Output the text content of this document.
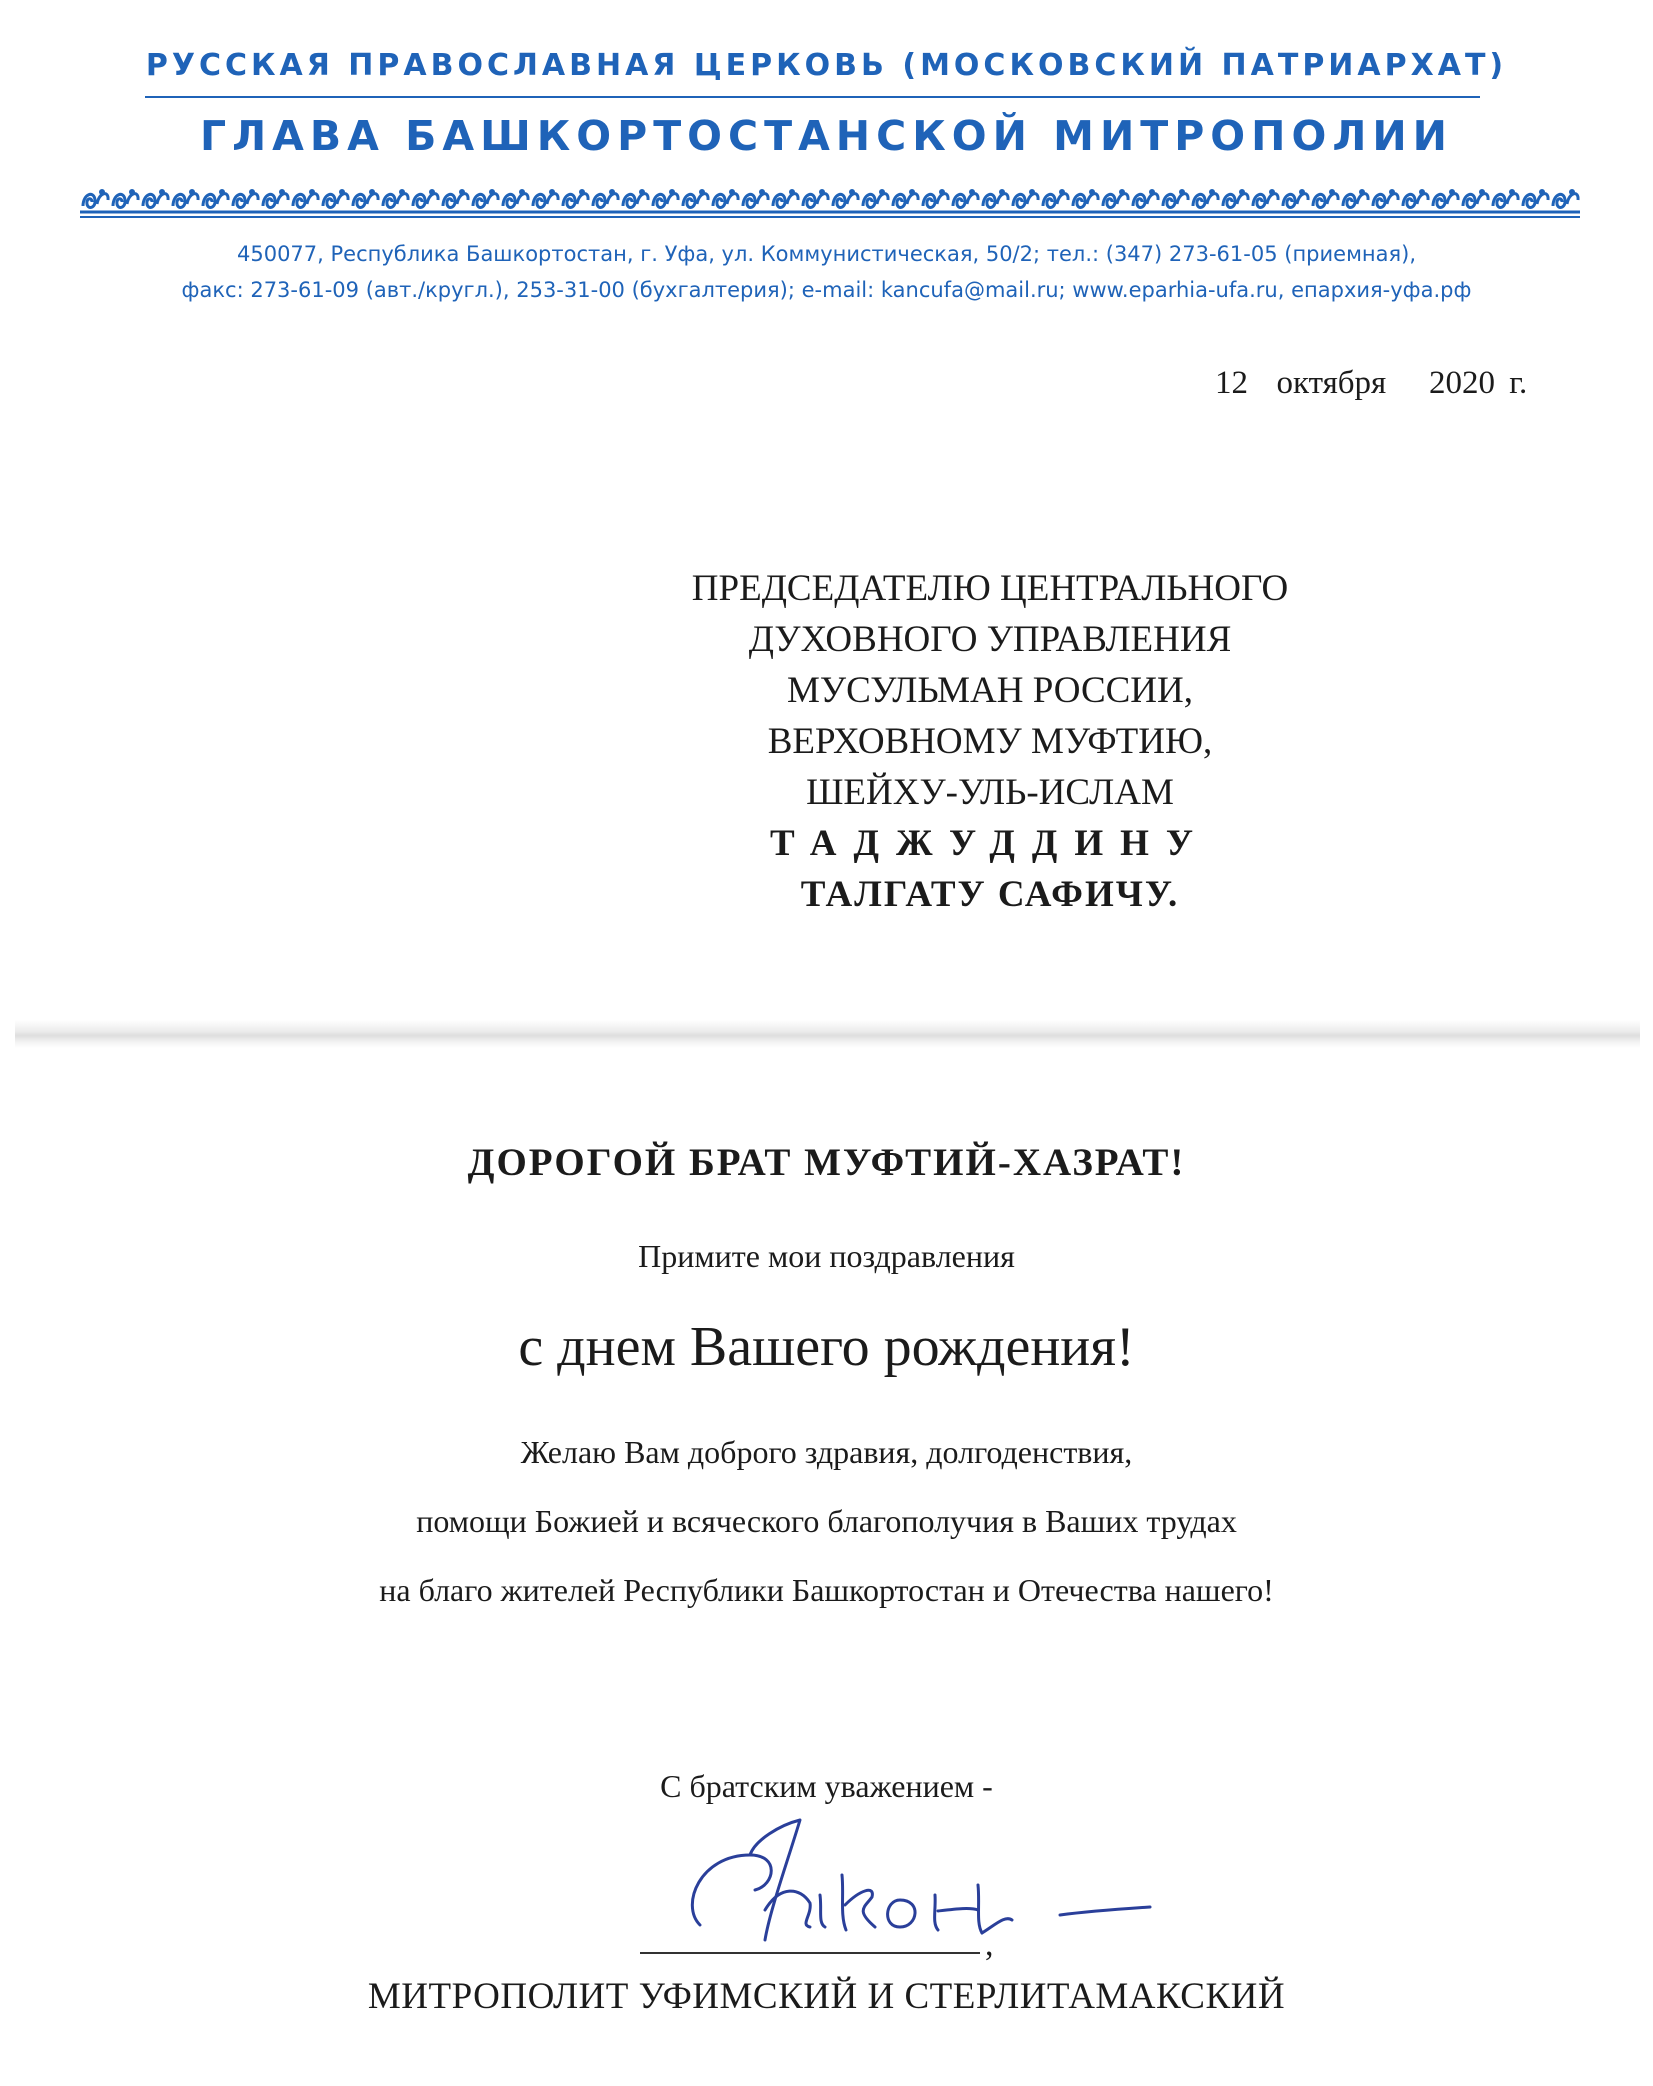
РУССКАЯ ПРАВОСЛАВНАЯ ЦЕРКОВЬ (МОСКОВСКИЙ ПАТРИАРХАТ)
ГЛАВА БАШКОРТОСТАНСКОЙ МИТРОПОЛИИ
450077, Республика Башкортостан, г. Уфа, ул. Коммунистическая, 50/2; тел.: (347) 273-61-05 (приемная),
факс: 273-61-09 (авт./кругл.), 253-31-00 (бухгалтерия); e-mail: kancufa@mail.ru; www.eparhia-ufa.ru, епархия-уфа.рф
12  октября   2020 г.
ПРЕДСЕДАТЕЛЮ ЦЕНТРАЛЬНОГО
ДУХОВНОГО УПРАВЛЕНИЯ
МУСУЛЬМАН РОССИИ,
ВЕРХОВНОМУ МУФТИЮ,
ШЕЙХУ-УЛЬ-ИСЛАМ
ТАДЖУДДИНУ
ТАЛГАТУ САФИЧУ.
ДОРОГОЙ БРАТ МУФТИЙ-ХАЗРАТ!
Примите мои поздравления
с днем Вашего рождения!
Желаю Вам доброго здравия, долгоденствия,
помощи Божией и всяческого благополучия в Ваших трудах
на благо жителей Республики Башкортостан и Отечества нашего!
С братским уважением -
,
МИТРОПОЛИТ УФИМСКИЙ И СТЕРЛИТАМАКСКИЙ
